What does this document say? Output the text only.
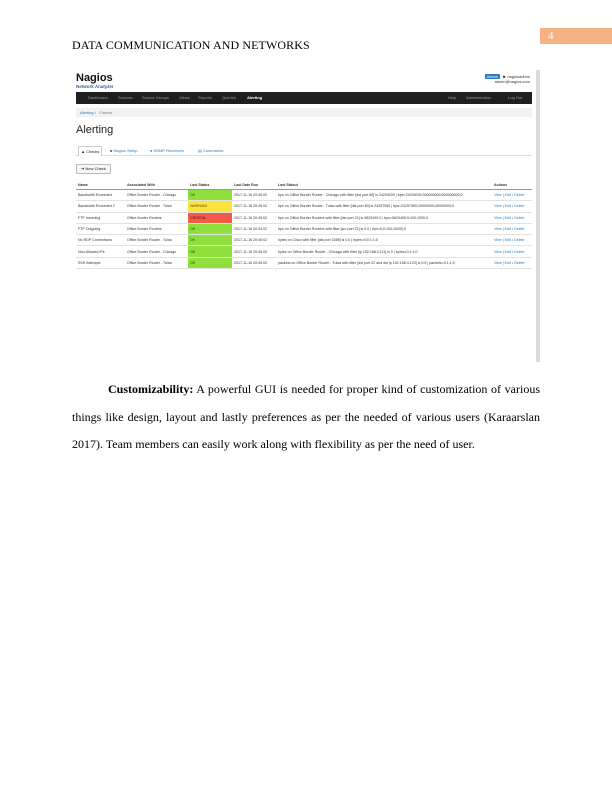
4
DATA COMMUNICATION AND NETWORKS
Nagios
Network Analyzer
Admin ☻ nagiosadmin
admin@nagios.com
Dashboard	Sources Source Groups	Views Reports Queries	Alerting	Help Administration	Log Out
Alerting / Checks
Alerting
▲ Checks	■ Nagios Setup	● SNMP Receivers	▤ Commands
➜ New Check
Name	Associated With	Last Status	Last Date Run	Last Stdout	Actions
Bandwidth Exceeded	Office Border Router - Chicago	OK	2017-11-16 20:45:00	bps on Office Border Router - Chicago with filter [dst port 80] is 24294039 | bps=24294039;300000000;500000000;0	View | Edit • Delete
Bandwidth Exceeded 2	Office Border Router - Tulsa	WARNING	2017-11-16 20:45:02	bps on Office Border Router - Tulsa with filter [dst port 80] is 24257060 | bps=24257060;20000000;40000000;0	View | Edit • Delete
FTP Incoming	Office Border Routers	CRITICAL	2017-11-16 20:45:02	bps on Office Border Routers with filter [dst port 21] is 5829490.0 | bps=5829490;5:100;1000;0	View | Edit • Delete
FTP Outgoing	Office Border Routers	OK	2017-11-16 20:34:02	bps on Office Border Routers with filter [src port 21] is 0.0 | bps=0;0:100;10000;0	View | Edit • Delete
No RDP Connections	Office Border Router - Tulsa	OK	2017-11-16 20:45:02	bytes on Cisco with filter [dst port 3389] is 0.0 | bytes=0;0:1;1;0	View | Edit • Delete
Non-Allowed IPs	Office Border Router - Chicago	OK	2017-11-16 20:45:00	bytes on Office Border Router - Chicago with filter [ip 192.168.3.111] is 0 | bytes=0;1:1;0	View | Edit • Delete
SSH Attempts	Office Border Router - Tulsa	OK	2017-11-16 20:45:02	packets on Office Border Router - Tulsa with filter [dst port 22 and dst ip 192.168.4.123] is 0.0 | packets=0;1;1;0	View | Edit • Delete
Customizability: A powerful GUI is needed for proper kind of customization of various things like design, layout and lastly preferences as per the needed of various users (Karaarslan 2017). Team members can easily work along with flexibility as per the need of user.
